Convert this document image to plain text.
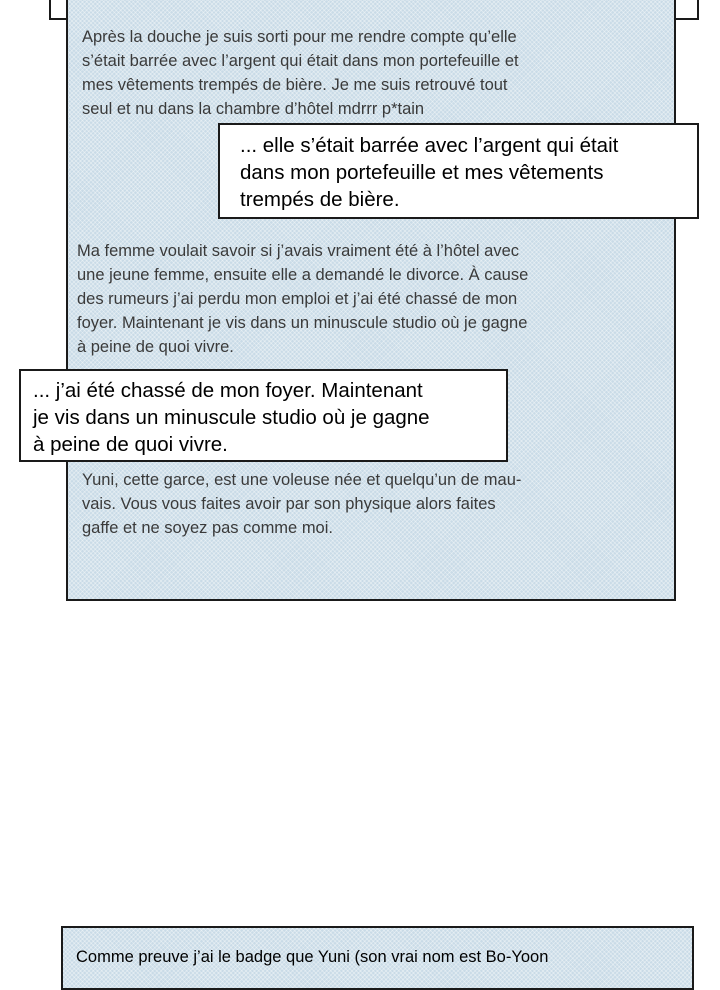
Après la douche je suis sorti pour me rendre compte qu’elle
s’était barrée avec l’argent qui était dans mon portefeuille et
mes vêtements trempés de bière. Je me suis retrouvé tout
seul et nu dans la chambre d’hôtel mdrrr p*tain

Ma femme voulait savoir si j’avais vraiment été à l’hôtel avec
une jeune femme, ensuite elle a demandé le divorce. À cause
des rumeurs j’ai perdu mon emploi et j’ai été chassé de mon
foyer. Maintenant je vis dans un minuscule studio où je gagne
à peine de quoi vivre.

Yuni, cette garce, est une voleuse née et quelqu’un de mau-
vais. Vous vous faites avoir par son physique alors faites
gaffe et ne soyez pas comme moi.

... elle s’était barrée avec l’argent qui était
dans mon portefeuille et mes vêtements
trempés de bière.
... j’ai été chassé de mon foyer. Maintenant
je vis dans un minuscule studio où je gagne
à peine de quoi vivre.

Comme preuve j’ai le badge que Yuni (son vrai nom est Bo-Yoon
